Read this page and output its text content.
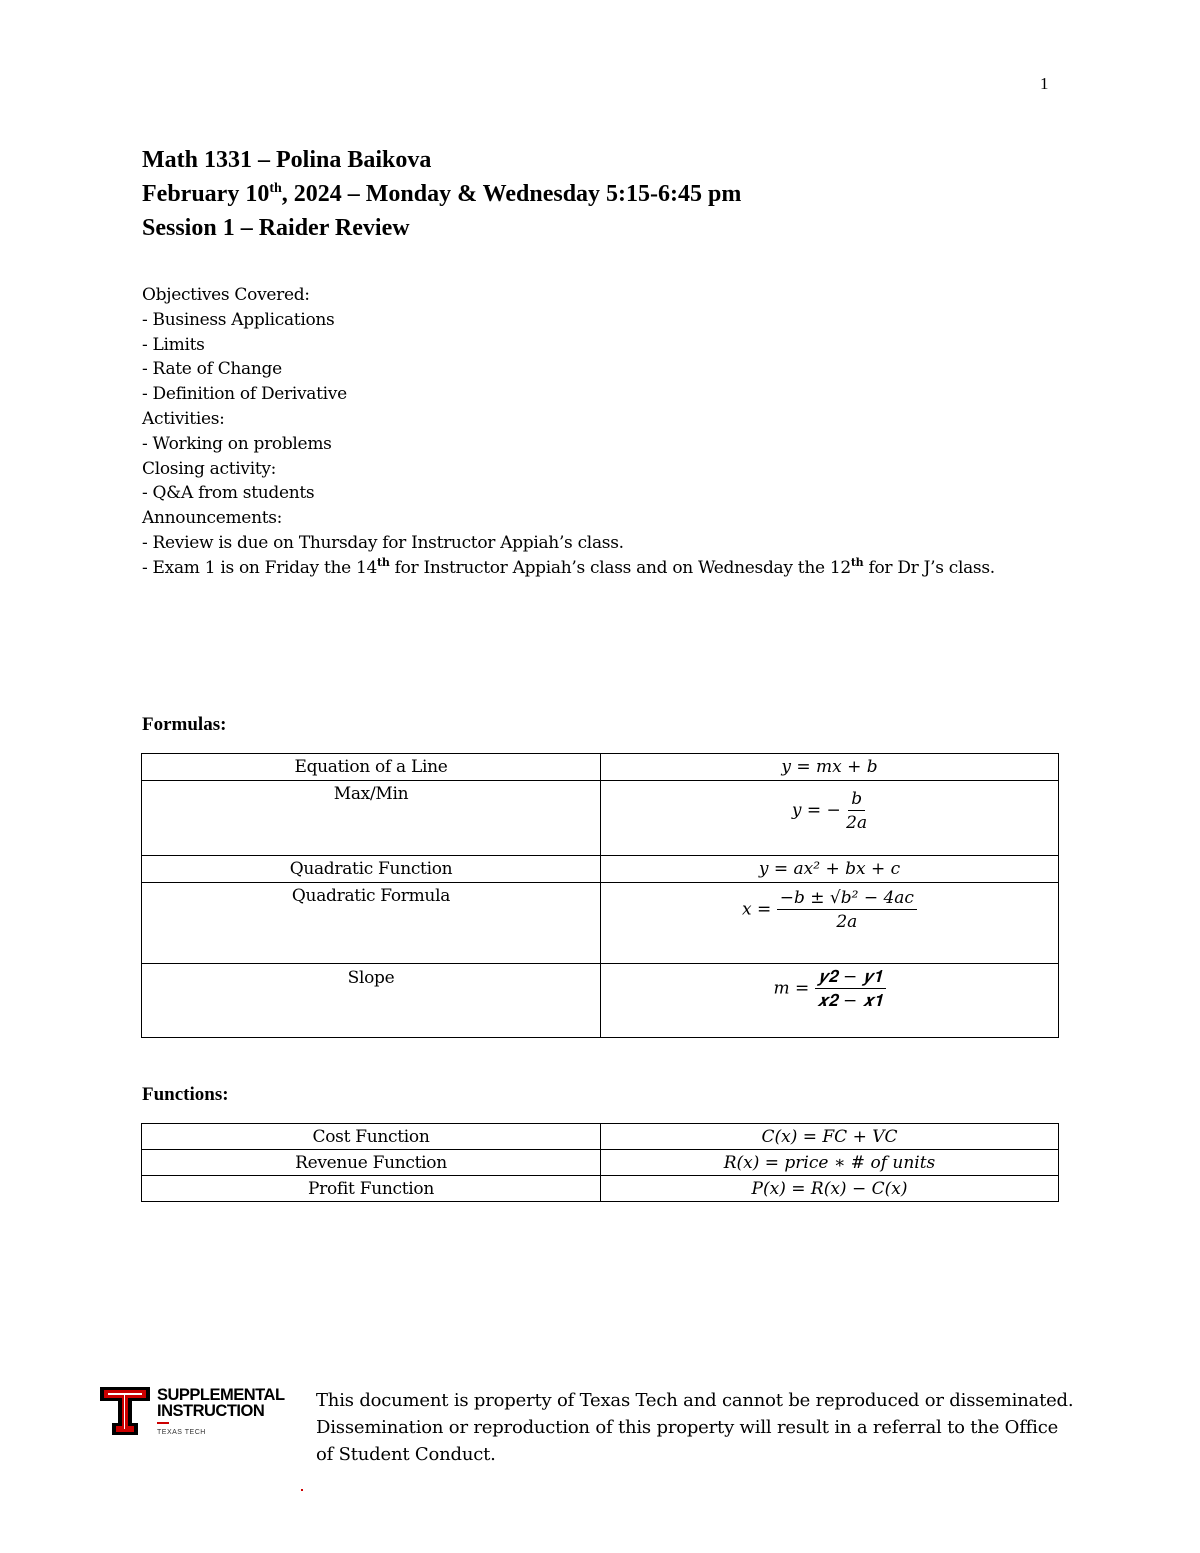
1
Math 1331 – Polina Baikova
February 10th, 2024 – Monday & Wednesday 5:15-6:45 pm
Session 1 – Raider Review
Objectives Covered:
- Business Applications
- Limits
- Rate of Change
- Definition of Derivative
Activities:
- Working on problems
Closing activity:
- Q&A from students
Announcements:
- Review is due on Thursday for Instructor Appiah’s class.
- Exam 1 is on Friday the 14th for Instructor Appiah’s class and on Wednesday the 12th for Dr J’s class.
Formulas:
Equation of a Line	𝑦 = 𝑚𝑥 + 𝑏
Max/Min	𝑦 = − $\frac{\text{𝑏}}{\text{2𝑎}}$

Quadratic Function	𝑦 = 𝑎𝑥² + 𝑏𝑥 + 𝑐
Quadratic Formula	𝑥 = $\frac{\text{−𝑏 ± √𝑏² − 4𝑎𝑐}}{\text{2𝑎}}$

Slope	𝑚 = $\frac{\text{𝒚𝟐 − 𝒚𝟏}}{\text{𝒙𝟐 − 𝒙𝟏}}$
Functions:
Cost Function	𝐶(𝑥) = 𝐹𝐶 + 𝑉𝐶
Revenue Function	𝑅(𝑥) = 𝑝𝑟𝑖𝑐𝑒 ∗ # 𝑜𝑓 𝑢𝑛𝑖𝑡𝑠
Profit Function	𝑃(𝑥) = 𝑅(𝑥) − 𝐶(𝑥)
SUPPLEMENTAL
INSTRUCTION
TEXAS TECH
This document is property of Texas Tech and cannot be reproduced or disseminated. Dissemination or reproduction of this property will result in a referral to the Office of Student Conduct.
